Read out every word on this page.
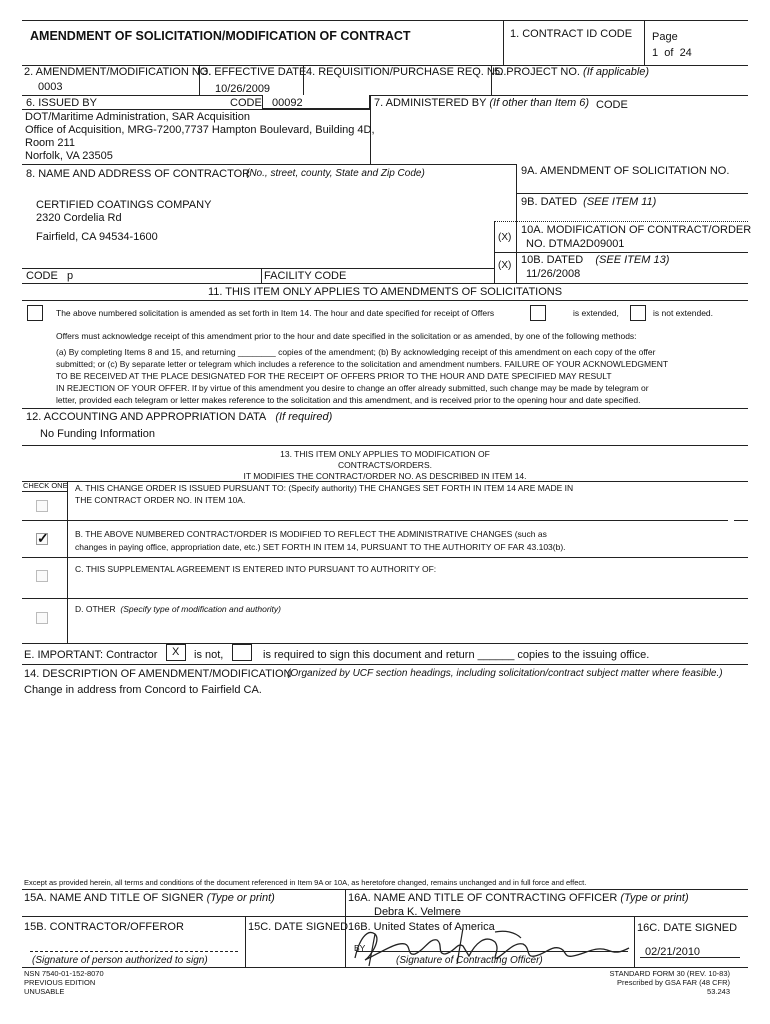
AMENDMENT OF SOLICITATION/MODIFICATION OF CONTRACT	1. CONTRACT ID CODE Page
1 of 24
2. AMENDMENT/MODIFICATION NO.
0003
3. EFFECTIVE DATE
10/26/2009
4. REQUISITION/PURCHASE REQ. NO.
5. PROJECT NO. (If applicable)
6. ISSUED BY	CODE 00092	7. ADMINISTERED BY (If other than Item 6) CODE
DOT/Maritime Administration, SAR Acquisition
Office of Acquisition, MRG-7200,7737 Hampton Boulevard, Building 4D,
Room 211
Norfolk, VA 23505
8. NAME AND ADDRESS OF CONTRACTOR
(No., street, county, State and Zip Code)
CERTIFIED COATINGS COMPANY
2320 Cordelia Rd
Fairfield, CA 94534-1600
9A. AMENDMENT OF SOLICITATION NO.
9B. DATED (SEE ITEM 11)
(X)
10A. MODIFICATION OF CONTRACT/ORDER
NO. DTMA2D09001
(X) 10B. DATED (SEE ITEM 13)
11/26/2008
CODE p	FACILITY CODE
11. THIS ITEM ONLY APPLIES TO AMENDMENTS OF SOLICITATIONS
The above numbered solicitation is amended as set forth in Item 14. The hour and date specified for receipt of Offers	is extended,	is not extended.
Offers must acknowledge receipt of this amendment prior to the hour and date specified in the solicitation or as amended, by one of the following methods:
(a) By completing Items 8 and 15, and returning ________ copies of the amendment; (b) By acknowledging receipt of this amendment on each copy of the offer
submitted; or (c) By separate letter or telegram which includes a reference to the solicitation and amendment numbers. FAILURE OF YOUR ACKNOWLEDGMENT
TO BE RECEIVED AT THE PLACE DESIGNATED FOR THE RECEIPT OF OFFERS PRIOR TO THE HOUR AND DATE SPECIFIED MAY RESULT
IN REJECTION OF YOUR OFFER. If by virtue of this amendment you desire to change an offer already submitted, such change may be made by telegram or
letter, provided each telegram or letter makes reference to the solicitation and this amendment, and is received prior to the opening hour and date specified.
12. ACCOUNTING AND APPROPRIATION DATA (If required)
No Funding Information
13. THIS ITEM ONLY APPLIES TO MODIFICATION OF
CONTRACTS/ORDERS.
IT MODIFIES THE CONTRACT/ORDER NO. AS DESCRIBED IN ITEM 14.
CHECK ONE A. THIS CHANGE ORDER IS ISSUED PURSUANT TO: (Specify authority) THE CHANGES SET FORTH IN ITEM 14 ARE MADE IN
THE CONTRACT ORDER NO. IN ITEM 10A.
B. THE ABOVE NUMBERED CONTRACT/ORDER IS MODIFIED TO REFLECT THE ADMINISTRATIVE CHANGES (such as
changes in paying office, appropriation date, etc.) SET FORTH IN ITEM 14, PURSUANT TO THE AUTHORITY OF FAR 43.103(b).
✓
C. THIS SUPPLEMENTAL AGREEMENT IS ENTERED INTO PURSUANT TO AUTHORITY OF:
D. OTHER (Specify type of modification and authority)
E. IMPORTANT: Contractor X is not,	is required to sign this document and return ______ copies to the issuing office.
14. DESCRIPTION OF AMENDMENT/MODIFICATION
(Organized by UCF section headings, including solicitation/contract subject matter where feasible.)
Change in address from Concord to Fairfield CA.
Except as provided herein, all terms and conditions of the document referenced in Item 9A or 10A, as heretofore changed, remains unchanged and in full force and effect.
15A. NAME AND TITLE OF SIGNER (Type or print)	16A. NAME AND TITLE OF CONTRACTING OFFICER (Type or print)
Debra K. Velmere
15B. CONTRACTOR/OFFEROR	15C. DATE SIGNED 16B. United States of America
BY
16C. DATE SIGNED
02/21/2010
(Signature of person authorized to sign)	(Signature of Contracting Officer)
NSN 7540-01-152-8070
PREVIOUS EDITION
UNUSABLE
STANDARD FORM 30 (REV. 10-83)
Prescribed by GSA FAR (48 CFR)
53.243
